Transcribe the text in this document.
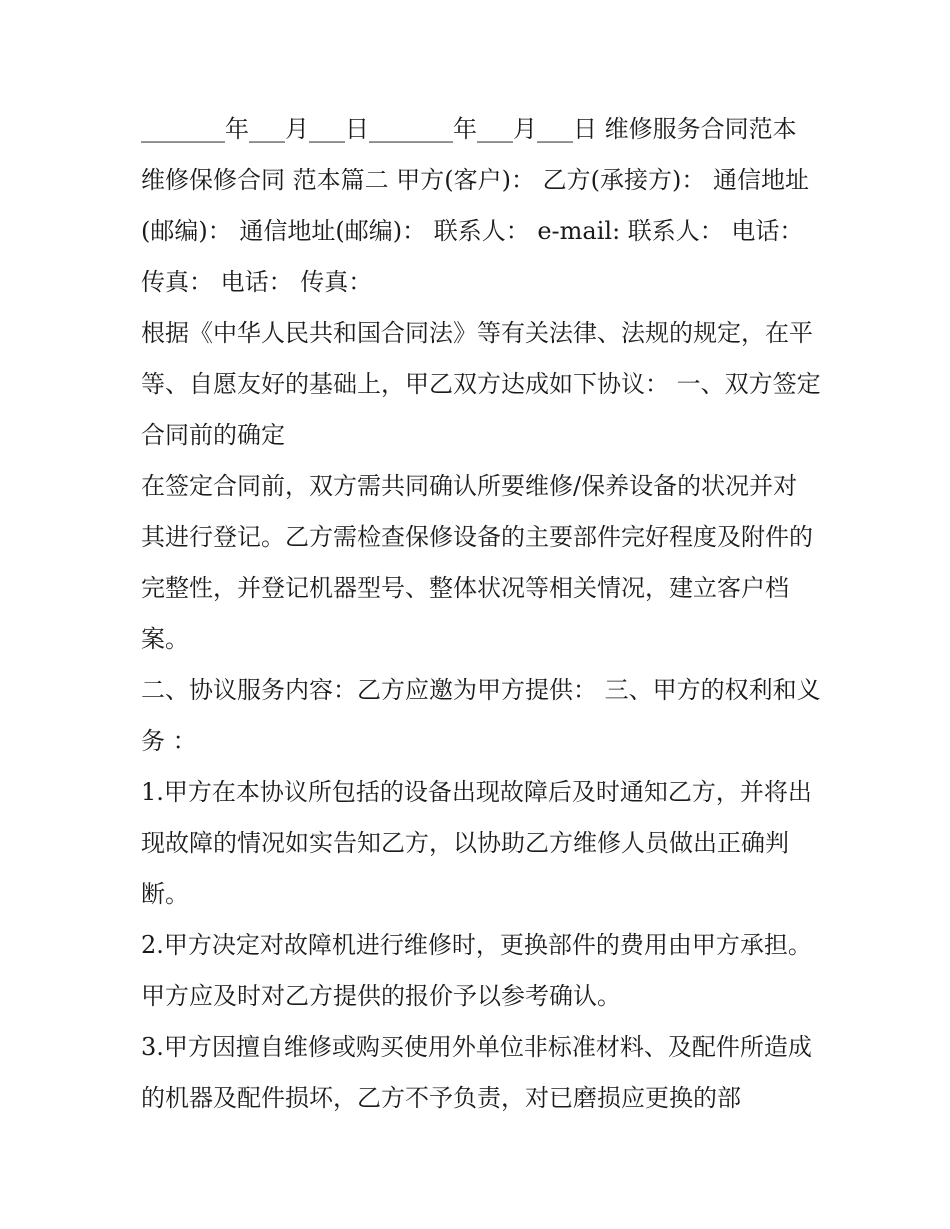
_______年___月___日_______年___月___日 维修服务合同范本 维修保修合同 范本篇二 甲方(客户)： 乙方(承接方)： 通信地址(邮编)： 通信地址(邮编)： 联系人： e-mail: 联系人： 电话： 传真： 电话： 传真：

根据《中华人民共和国合同法》等有关法律、法规的规定，在平等、自愿友好的基础上，甲乙双方达成如下协议： 一、双方签定合同前的确定

在签定合同前，双方需共同确认所要维修/保养设备的状况并对其进行登记。乙方需检查保修设备的主要部件完好程度及附件的完整性，并登记机器型号、整体状况等相关情况，建立客户档案。

二、协议服务内容：乙方应邀为甲方提供： 三、甲方的权利和义务 ：

1.甲方在本协议所包括的设备出现故障后及时通知乙方，并将出现故障的情况如实告知乙方，以协助乙方维修人员做出正确判断。

2.甲方决定对故障机进行维修时，更换部件的费用由甲方承担。甲方应及时对乙方提供的报价予以参考确认。

3.甲方因擅自维修或购买使用外单位非标准材料、及配件所造成的机器及配件损坏，乙方不予负责，对已磨损应更换的部
